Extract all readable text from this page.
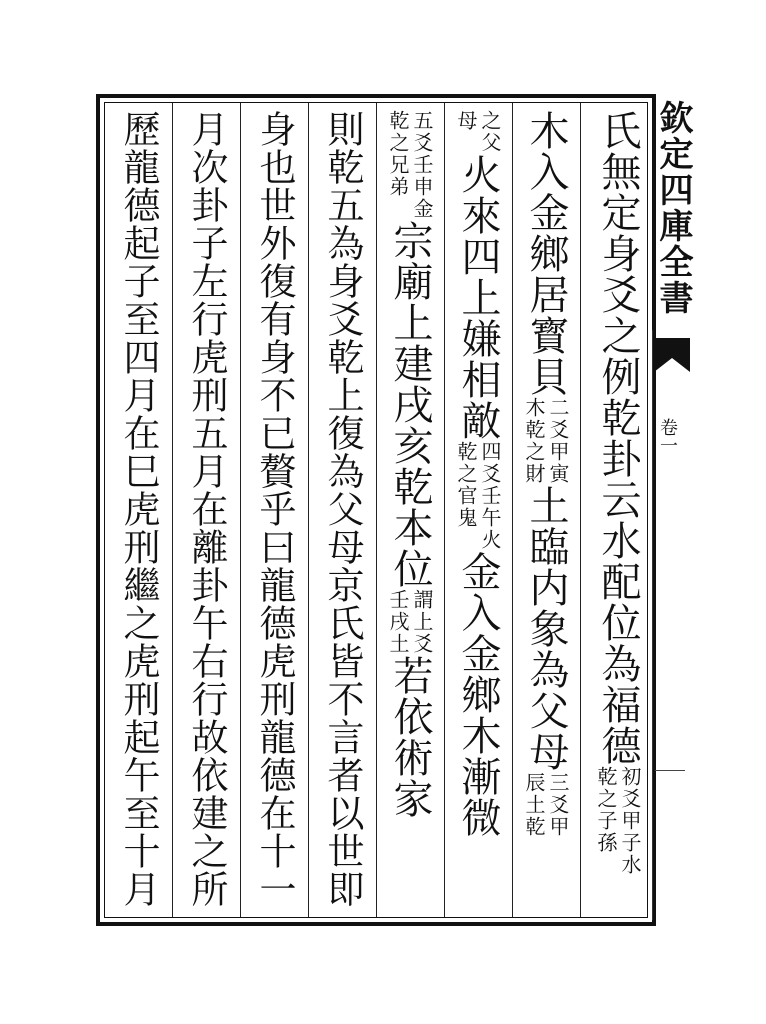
欽定四庫全書
卷一
氏無定身爻之例乾卦云水配位為福德
初爻甲子水
乾之子孫
木入金鄉居寳貝
二爻甲寅
木乾之財
土臨内象為父母
三爻甲
辰土乾
之父
母
火來四上嫌相敵
四爻壬午火
乾之官鬼
金入金鄉木漸微
五爻壬申金
乾之兄弟
宗廟上建戌亥乾本位
謂上爻
壬戌土
若依術家
則乾五為身爻乾上復為父母京氏皆不言者以世即
身也世外復有身不已贅乎曰龍德虎刑龍德在十一
月次卦子左行虎刑五月在離卦午右行故依建之所
歷龍德起子至四月在巳虎刑繼之虎刑起午至十月
